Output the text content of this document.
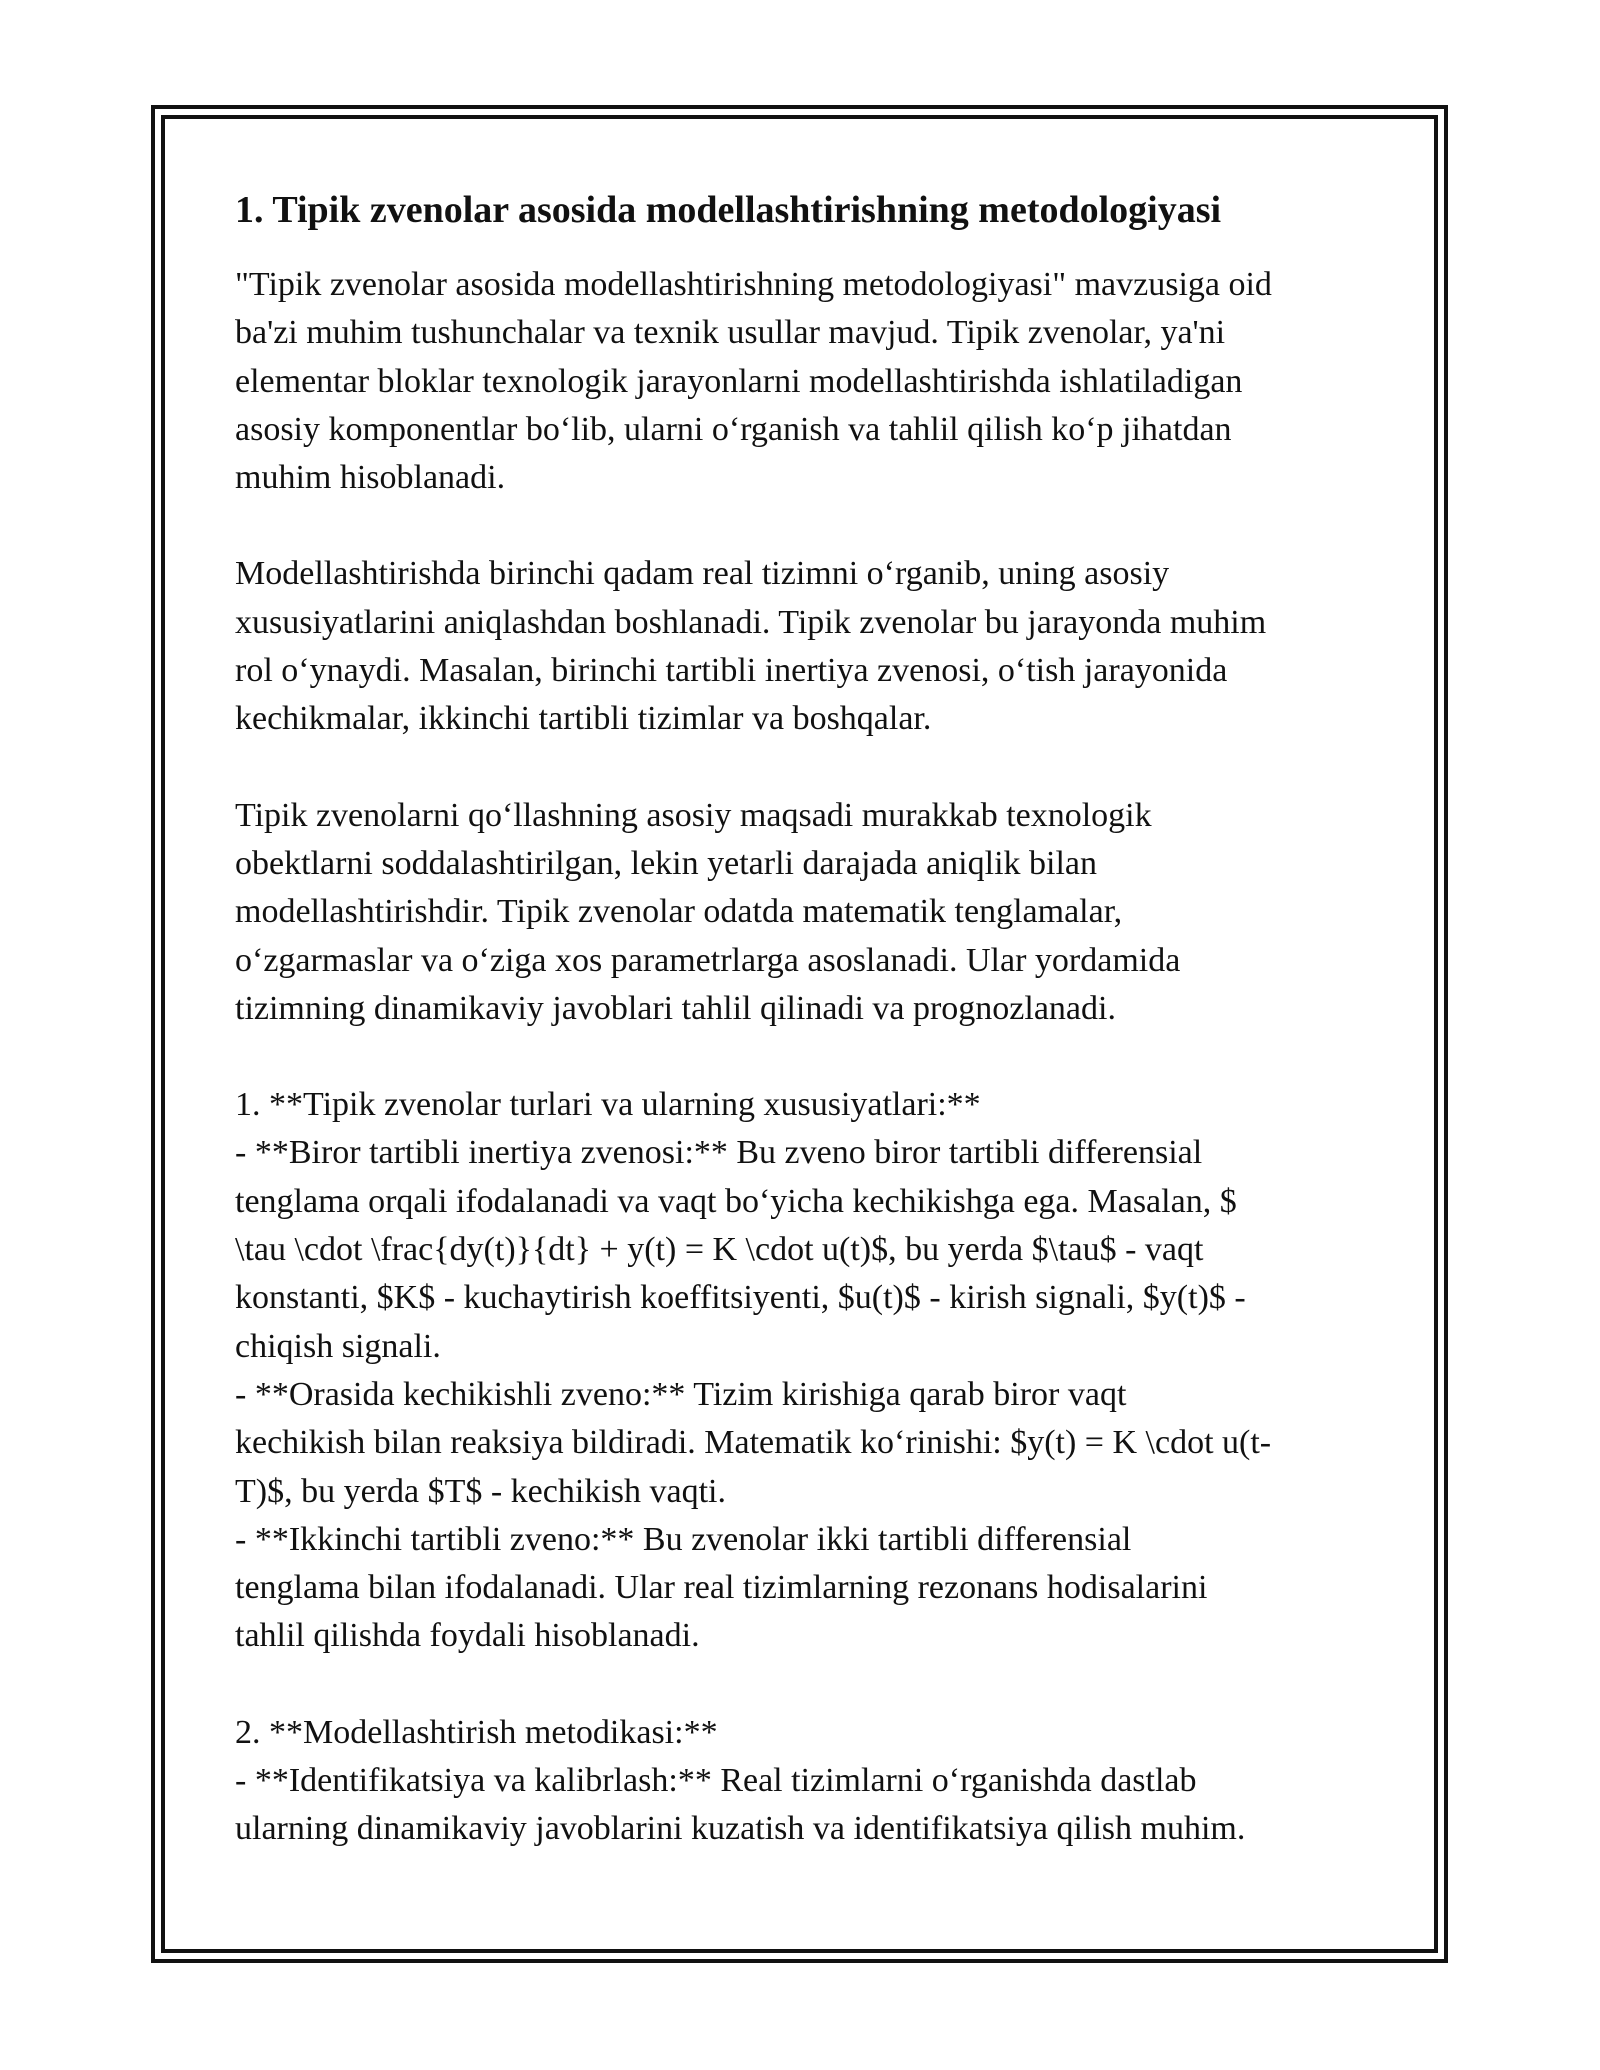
1. Tipik zvenolar asosida modellashtirishning metodologiyasi

"Tipik zvenolar asosida modellashtirishning metodologiyasi" mavzusiga oid
ba'zi muhim tushunchalar va texnik usullar mavjud. Tipik zvenolar, ya'ni
elementar bloklar texnologik jarayonlarni modellashtirishda ishlatiladigan
asosiy komponentlar bo‘lib, ularni o‘rganish va tahlil qilish ko‘p jihatdan
muhim hisoblanadi.

Modellashtirishda birinchi qadam real tizimni o‘rganib, uning asosiy
xususiyatlarini aniqlashdan boshlanadi. Tipik zvenolar bu jarayonda muhim
rol o‘ynaydi. Masalan, birinchi tartibli inertiya zvenosi, o‘tish jarayonida
kechikmalar, ikkinchi tartibli tizimlar va boshqalar.

Tipik zvenolarni qo‘llashning asosiy maqsadi murakkab texnologik
obektlarni soddalashtirilgan, lekin yetarli darajada aniqlik bilan
modellashtirishdir. Tipik zvenolar odatda matematik tenglamalar,
o‘zgarmaslar va o‘ziga xos parametrlarga asoslanadi. Ular yordamida
tizimning dinamikaviy javoblari tahlil qilinadi va prognozlanadi.

1. **Tipik zvenolar turlari va ularning xususiyatlari:**
- **Biror tartibli inertiya zvenosi:** Bu zveno biror tartibli differensial
tenglama orqali ifodalanadi va vaqt bo‘yicha kechikishga ega. Masalan, $
\tau \cdot \frac{dy(t)}{dt} + y(t) = K \cdot u(t)$, bu yerda $\tau$ - vaqt
konstanti, $K$ - kuchaytirish koeffitsiyenti, $u(t)$ - kirish signali, $y(t)$ -
chiqish signali.
- **Orasida kechikishli zveno:** Tizim kirishiga qarab biror vaqt
kechikish bilan reaksiya bildiradi. Matematik ko‘rinishi: $y(t) = K \cdot u(t-
T)$, bu yerda $T$ - kechikish vaqti.
- **Ikkinchi tartibli zveno:** Bu zvenolar ikki tartibli differensial
tenglama bilan ifodalanadi. Ular real tizimlarning rezonans hodisalarini
tahlil qilishda foydali hisoblanadi.

2. **Modellashtirish metodikasi:**
- **Identifikatsiya va kalibrlash:** Real tizimlarni o‘rganishda dastlab
ularning dinamikaviy javoblarini kuzatish va identifikatsiya qilish muhim.
